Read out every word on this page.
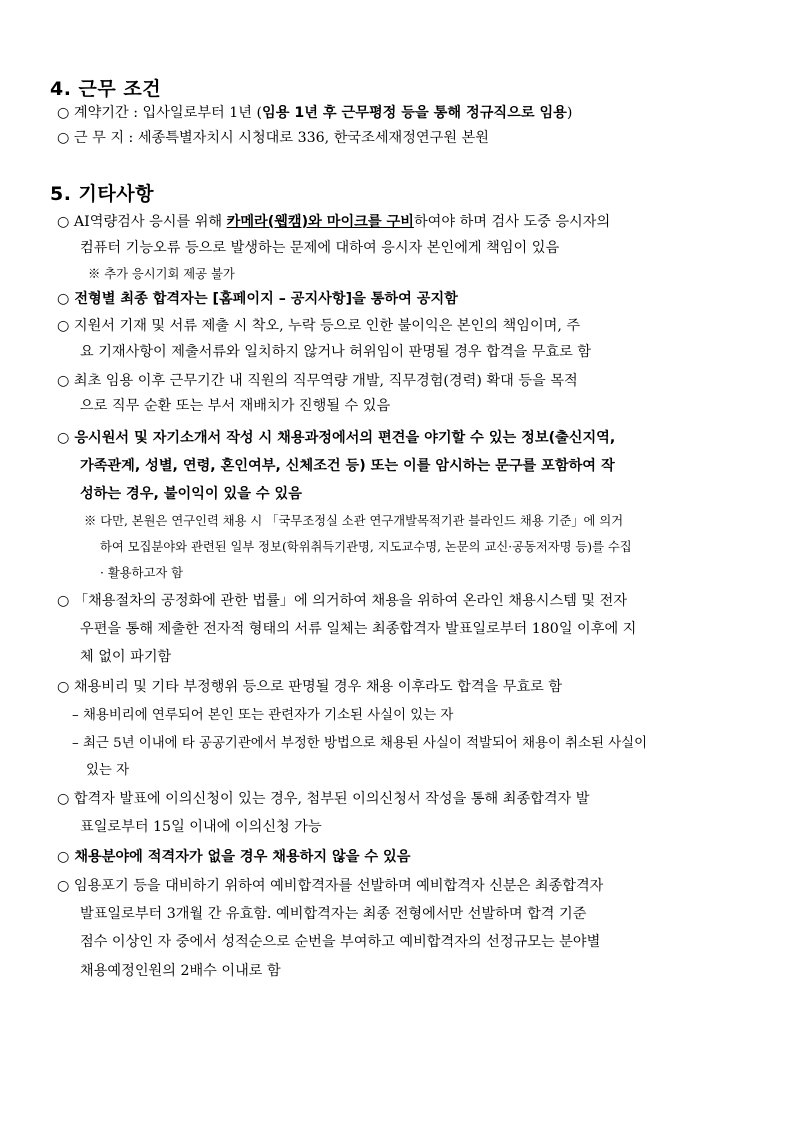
4. 근무 조건
○ 계약기간 : 입사일로부터 1년 (임용 1년 후 근무평정 등을 통해 정규직으로 임용)
○ 근 무 지 : 세종특별자치시 시청대로 336, 한국조세재정연구원 본원
5. 기타사항
○ AI역량검사 응시를 위해 카메라(웹캠)와 마이크를 구비하여야 하며 검사 도중 응시자의
컴퓨터 기능오류 등으로 발생하는 문제에 대하여 응시자 본인에게 책임이 있음
※ 추가 응시기회 제공 불가
○ 전형별 최종 합격자는 [홈페이지 – 공지사항]을 통하여 공지함
○ 지원서 기재 및 서류 제출 시 착오, 누락 등으로 인한 불이익은 본인의 책임이며, 주
요 기재사항이 제출서류와 일치하지 않거나 허위임이 판명될 경우 합격을 무효로 함
○ 최초 임용 이후 근무기간 내 직원의 직무역량 개발, 직무경험(경력) 확대 등을 목적
으로 직무 순환 또는 부서 재배치가 진행될 수 있음
○ 응시원서 및 자기소개서 작성 시 채용과정에서의 편견을 야기할 수 있는 정보(출신지역,
가족관계, 성별, 연령, 혼인여부, 신체조건 등) 또는 이를 암시하는 문구를 포함하여 작
성하는 경우, 불이익이 있을 수 있음
※ 다만, 본원은 연구인력 채용 시 「국무조정실 소관 연구개발목적기관 블라인드 채용 기준」에 의거
하여 모집분야와 관련된 일부 정보(학위취득기관명, 지도교수명, 논문의 교신·공동저자명 등)를 수집
· 활용하고자 함
○ 「채용절차의 공정화에 관한 법률」에 의거하여 채용을 위하여 온라인 채용시스템 및 전자
우편을 통해 제출한 전자적 형태의 서류 일체는 최종합격자 발표일로부터 180일 이후에 지
체 없이 파기함
○ 채용비리 및 기타 부정행위 등으로 판명될 경우 채용 이후라도 합격을 무효로 함
– 채용비리에 연루되어 본인 또는 관련자가 기소된 사실이 있는 자
– 최근 5년 이내에 타 공공기관에서 부정한 방법으로 채용된 사실이 적발되어 채용이 취소된 사실이
있는 자
○ 합격자 발표에 이의신청이 있는 경우, 첨부된 이의신청서 작성을 통해 최종합격자 발
표일로부터 15일 이내에 이의신청 가능
○ 채용분야에 적격자가 없을 경우 채용하지 않을 수 있음
○ 임용포기 등을 대비하기 위하여 예비합격자를 선발하며 예비합격자 신분은 최종합격자
발표일로부터 3개월 간 유효함. 예비합격자는 최종 전형에서만 선발하며 합격 기준
점수 이상인 자 중에서 성적순으로 순번을 부여하고 예비합격자의 선정규모는 분야별
채용예정인원의 2배수 이내로 함
